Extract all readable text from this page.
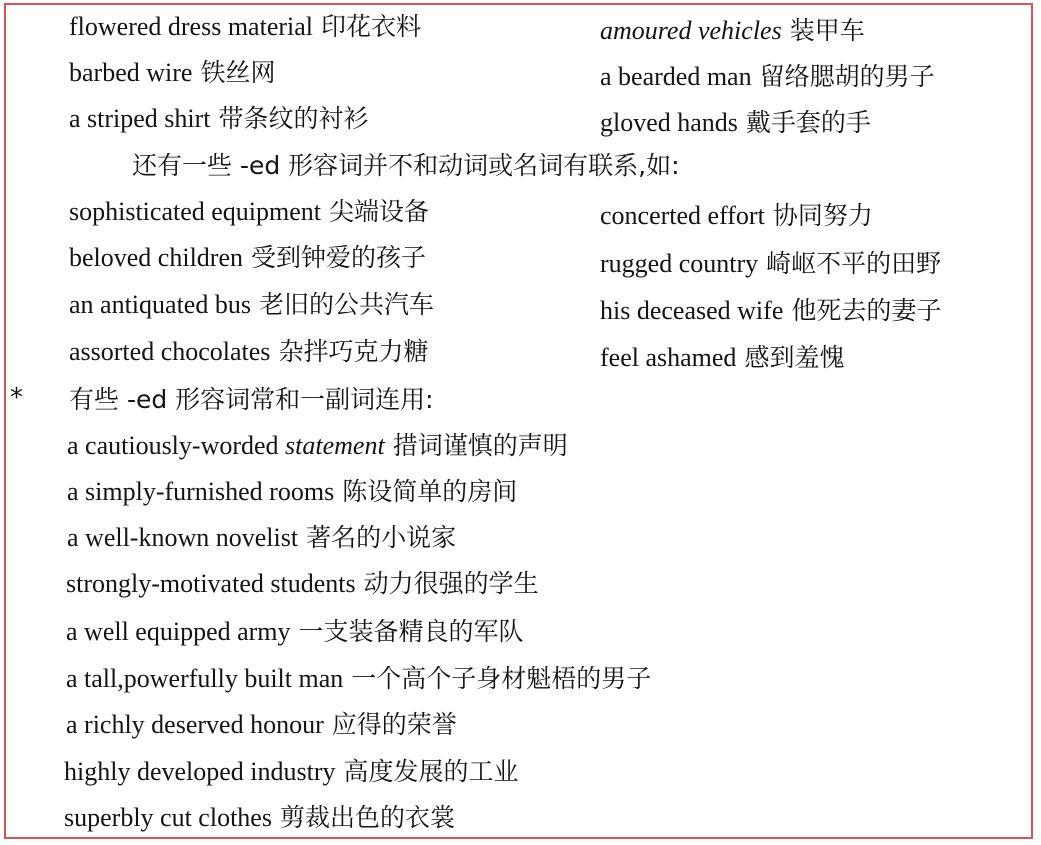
flowered dress material 印花衣料
barbed wire 铁丝网
a striped shirt 带条纹的衬衫
amoured vehicles 装甲车
a bearded man 留络腮胡的男子
gloved hands 戴手套的手
还有一些 -ed 形容词并不和动词或名词有联系,如:
sophisticated equipment 尖端设备
beloved children 受到钟爱的孩子
an antiquated bus 老旧的公共汽车
assorted chocolates 杂拌巧克力糖
concerted effort 协同努力
rugged country 崎岖不平的田野
his deceased wife 他死去的妻子
feel ashamed 感到羞愧
* 有些 -ed 形容词常和一副词连用:
a cautiously-worded statement 措词谨慎的声明
a simply-furnished rooms 陈设简单的房间
a well-known novelist 著名的小说家
strongly-motivated students 动力很强的学生
a well equipped army 一支装备精良的军队
a tall,powerfully built man 一个高个子身材魁梧的男子
a richly deserved honour 应得的荣誉
highly developed industry 高度发展的工业
superbly cut clothes 剪裁出色的衣裳
